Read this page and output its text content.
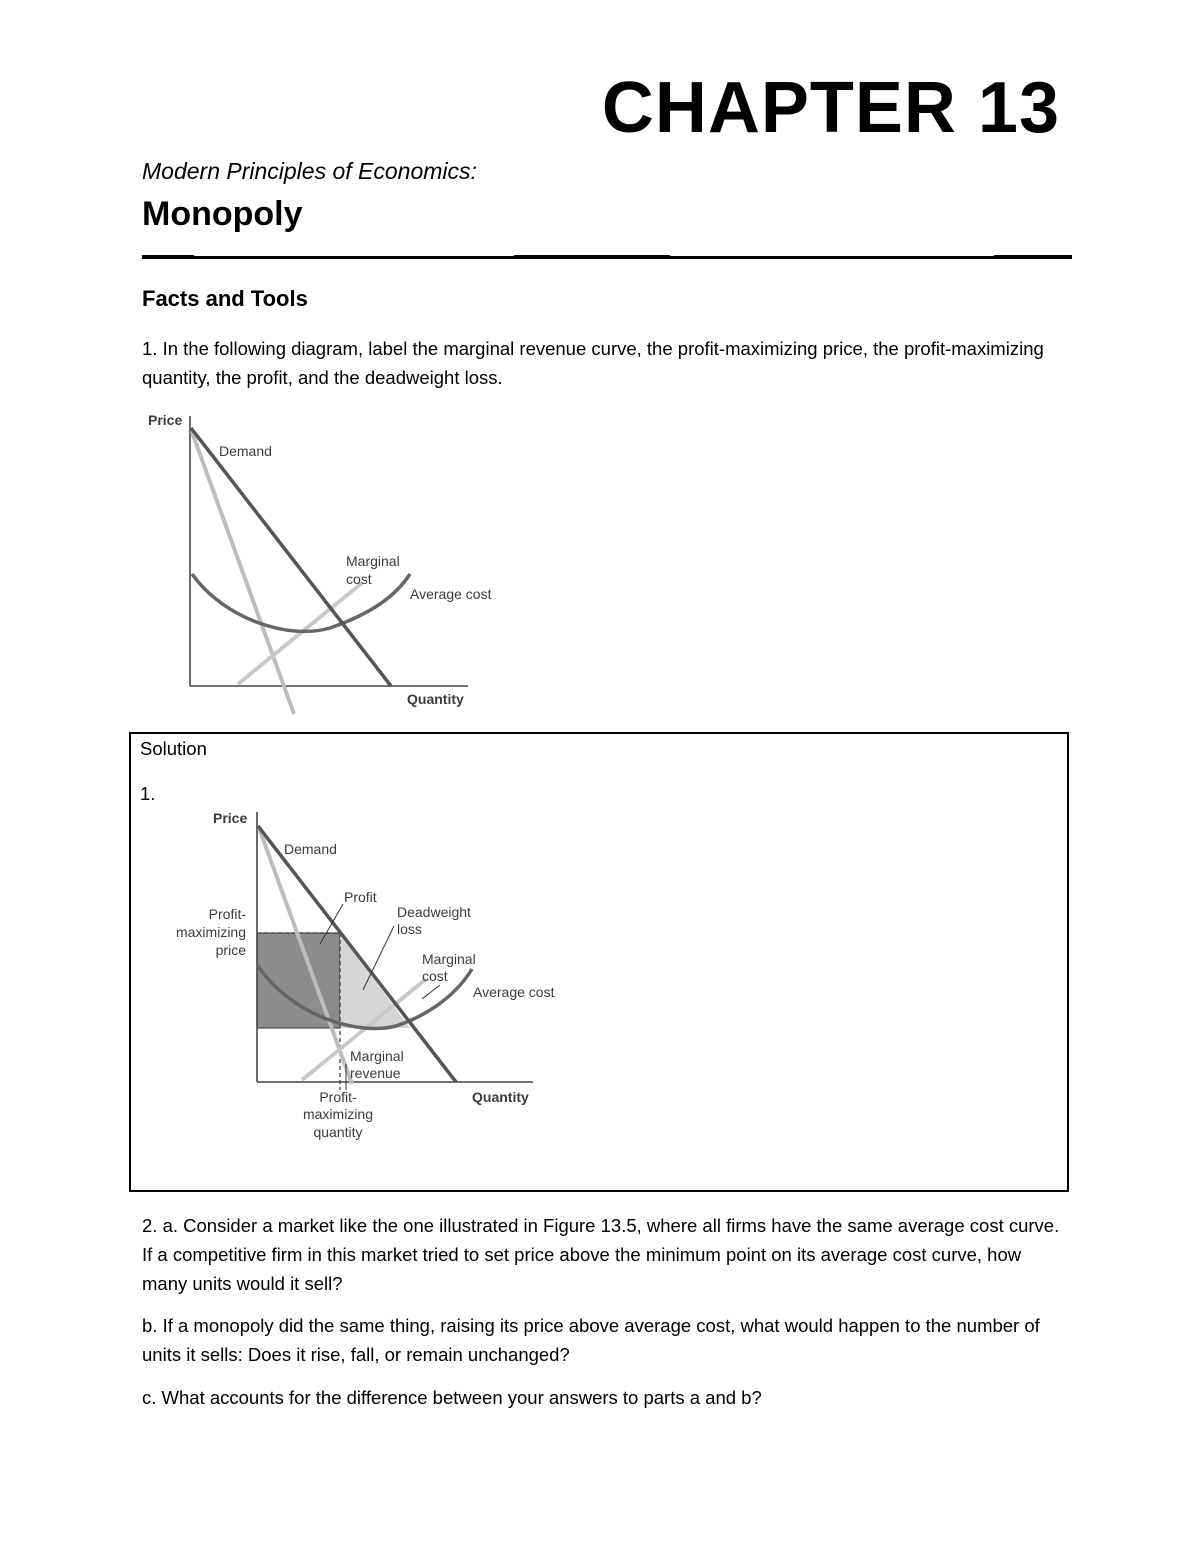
CHAPTER 13
Modern Principles of Economics:
Monopoly
Facts and Tools
1. In the following diagram, label the marginal revenue curve, the profit-maximizing price, the profit-maximizing quantity, the profit, and the deadweight loss.
Price
Quantity
Demand
Marginal
cost
Average cost
Solution
1.
Price
Quantity
Demand
Profit
Deadweight
loss
Marginal
cost
Average cost
Marginal
revenue
Profit-
maximizing
price
Profit-
maximizing
quantity
2. a. Consider a market like the one illustrated in Figure 13.5, where all firms have the same average cost curve. If a competitive firm in this market tried to set price above the minimum point on its average cost curve, how many units would it sell?
b. If a monopoly did the same thing, raising its price above average cost, what would happen to the number of units it sells: Does it rise, fall, or remain unchanged?
c. What accounts for the difference between your answers to parts a and b?
